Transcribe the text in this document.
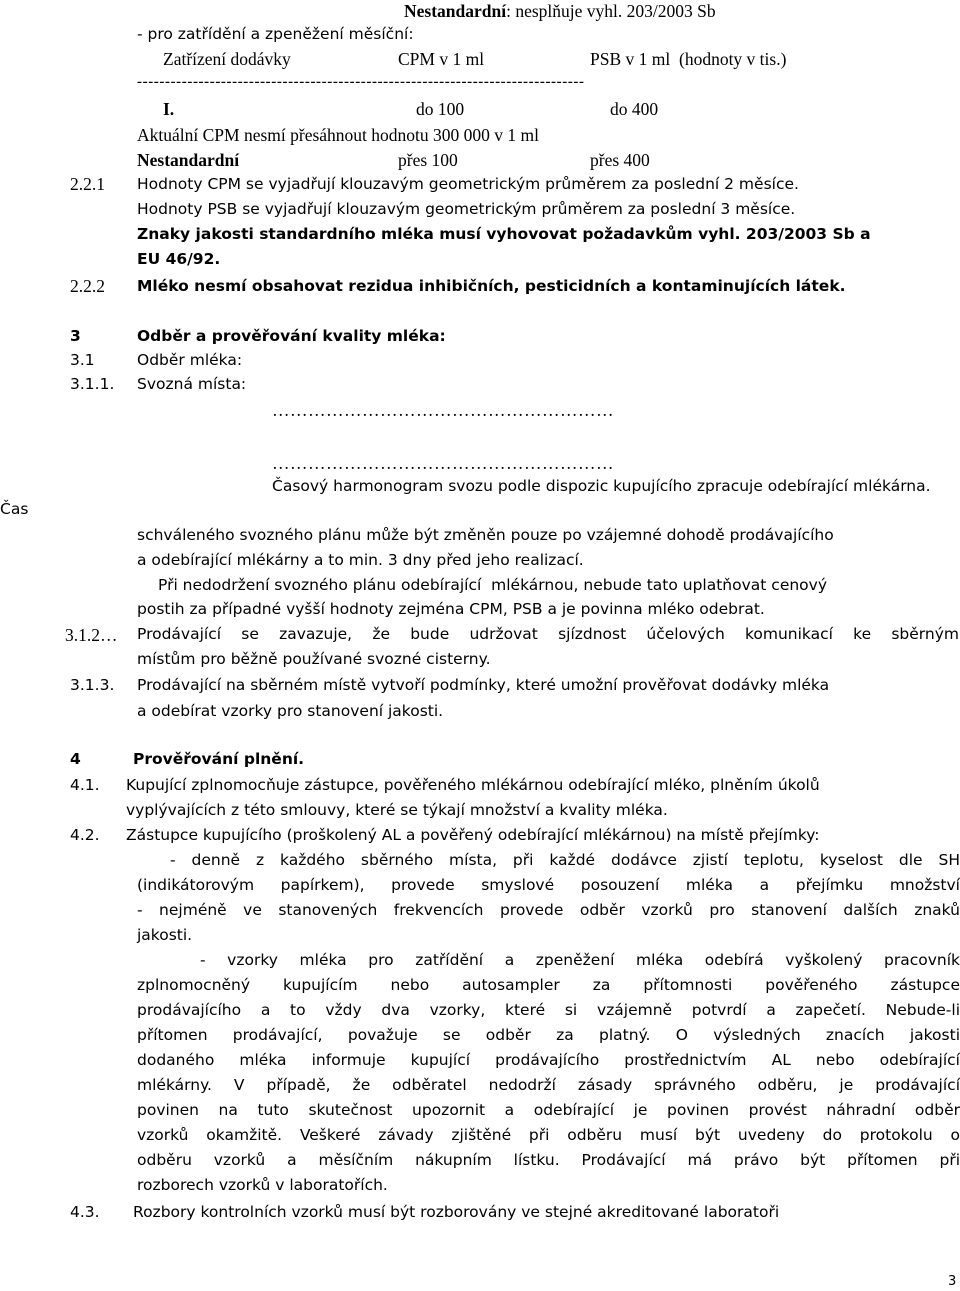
Nestandardní: nesplňuje vyhl. 203/2003 Sb
- pro zatřídění a zpeněžení měsíční:
Zatřízení dodávky	CPM v 1 ml	PSB v 1 ml  (hodnoty v tis.)
--------------------------------------------------------------------------------
I.	do 100	do 400
Aktuální CPM nesmí přesáhnout hodnotu 300 000 v 1 ml
Nestandardní	přes 100	přes 400
2.2.1 Hodnoty CPM se vyjadřují klouzavým geometrickým průměrem za poslední 2 měsíce.
Hodnoty PSB se vyjadřují klouzavým geometrickým průměrem za poslední 3 měsíce.
Znaky jakosti standardního mléka musí vyhovovat požadavkům vyhl. 203/2003 Sb a
EU 46/92.
2.2.2 Mléko nesmí obsahovat rezidua inhibičních, pesticidních a kontaminujících látek.
3	Odběr a prověřování kvality mléka:
3.1	Odběr mléka:
3.1.1. Svozná místa:
…………………………………………………
…………………………………………………
Čas
Časový harmonogram svozu podle dispozic kupujícího zpracuje odebírající mlékárna.
schváleného svozného plánu může být změněn pouze po vzájemné dohodě prodávajícího
a odebírající mlékárny a to min. 3 dny před jeho realizací.
Při nedodržení svozného plánu odebírající  mlékárnou, nebude tato uplatňovat cenový
postih za případné vyšší hodnoty zejména CPM, PSB a je povinna mléko odebrat.
3.1.2… Prodávající se zavazuje, že bude udržovat sjízdnost účelových komunikací ke sběrným
místům pro běžně používané svozné cisterny.
3.1.3. Prodávající na sběrném místě vytvoří podmínky, které umožní prověřovat dodávky mléka
a odebírat vzorky pro stanovení jakosti.
4	Prověřování plnění.
4.1. Kupující zplnomocňuje zástupce, pověřeného mlékárnou odebírající mléko, plněním úkolů
vyplývajících z této smlouvy, které se týkají množství a kvality mléka.
4.2. Zástupce kupujícího (proškolený AL a pověřený odebírající mlékárnou) na místě přejímky:
- denně z každého sběrného místa, při každé dodávce zjistí teplotu, kyselost dle SH
(indikátorovým papírkem), provede smysl​ové posouzení mléka a přejímku množství
- nejméně ve stanovených frekvencích provede odběr vzorků pro stanovení dalších znaků
jakosti.
- vzorky mléka pro zatřídění a zpeněžení mléka odebírá vyškolený pracovník
zplnomocněný kupujícím nebo autosampler za přítomnosti pověřeného zástupce
prodávajícího a to vždy dva vzorky, které si vzájemně potvrdí a zapečetí. Nebude-li
přítomen prodávající, považuje se odběr za platný. O výsledných znacích jakosti
dodaného mléka informuje kupující prodávajícího prostřednictvím AL nebo odebírající
mlékárny. V případě, že odběratel nedodrží zásady správného odběru, je prodávající
povinen na tuto skutečnost upozornit a odebírající je povinen provést náhradní odběr
vzorků okamžitě. Veškeré závady zjištěné při odběru musí být uvedeny do protokolu o
odběru vzorků a měsíčním nákupním lístku. Prodávající má právo být přítomen při
rozborech vzorků v laboratořích.
4.3. Rozbory kontrolních vzorků musí být rozborovány ve stejné akreditované laboratoři
3
